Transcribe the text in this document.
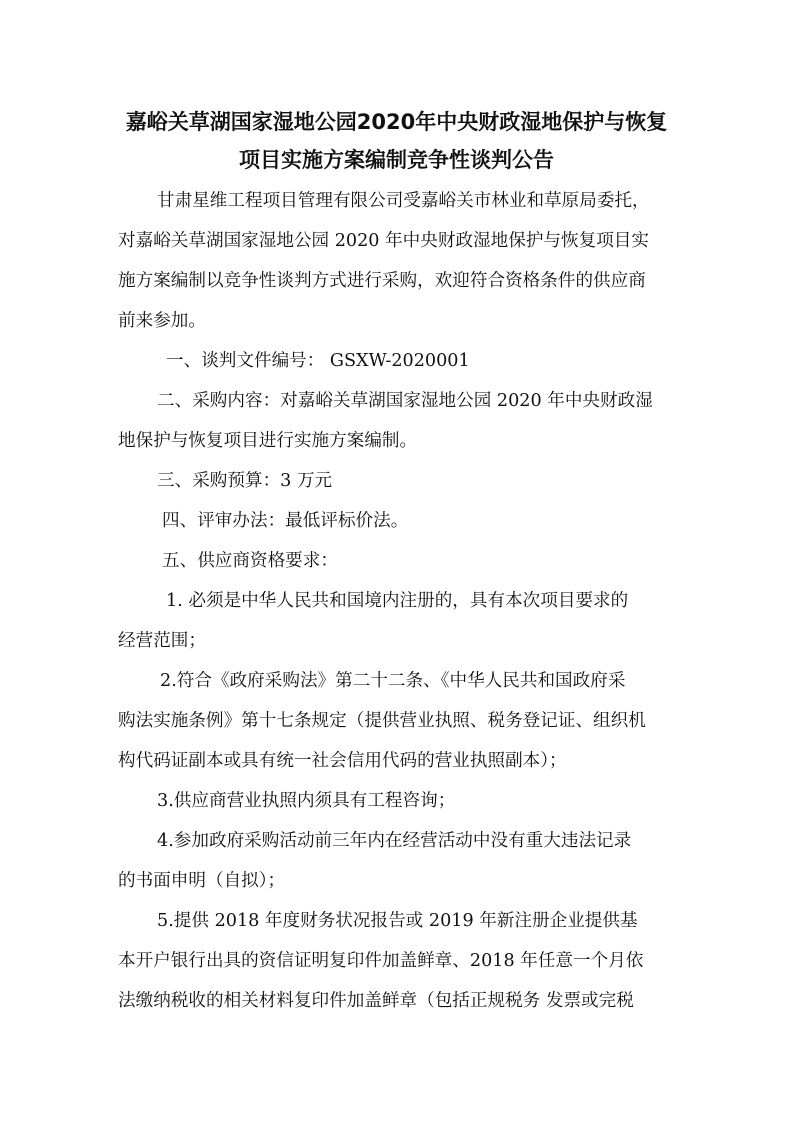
嘉峪关草湖国家湿地公园2020年中央财政湿地保护与恢复
项目实施方案编制竞争性谈判公告

甘肃星维工程项目管理有限公司受嘉峪关市林业和草原局委托，

对嘉峪关草湖国家湿地公园 2020 年中央财政湿地保护与恢复项目实

施方案编制以竞争性谈判方式进行采购，欢迎符合资格条件的供应商

前来参加。

一、谈判文件编号： GSXW-2020001

二、采购内容：对嘉峪关草湖国家湿地公园 2020 年中央财政湿

地保护与恢复项目进行实施方案编制。

三、采购预算：3 万元

四、评审办法：最低评标价法。

五、供应商资格要求：

1. 必须是中华人民共和国境内注册的，具有本次项目要求的

经营范围；

2.符合《政府采购法》第二十二条、《中华人民共和国政府采

购法实施条例》第十七条规定（提供营业执照、税务登记证、组织机

构代码证副本或具有统一社会信用代码的营业执照副本）；

3.供应商营业执照内须具有工程咨询；

4.参加政府采购活动前三年内在经营活动中没有重大违法记录

的书面申明（自拟）；

5.提供 2018 年度财务状况报告或 2019 年新注册企业提供基

本开户银行出具的资信证明复印件加盖鲜章、2018 年任意一个月依

法缴纳税收的相关材料复印件加盖鲜章（包括正规税务 发票或完税
